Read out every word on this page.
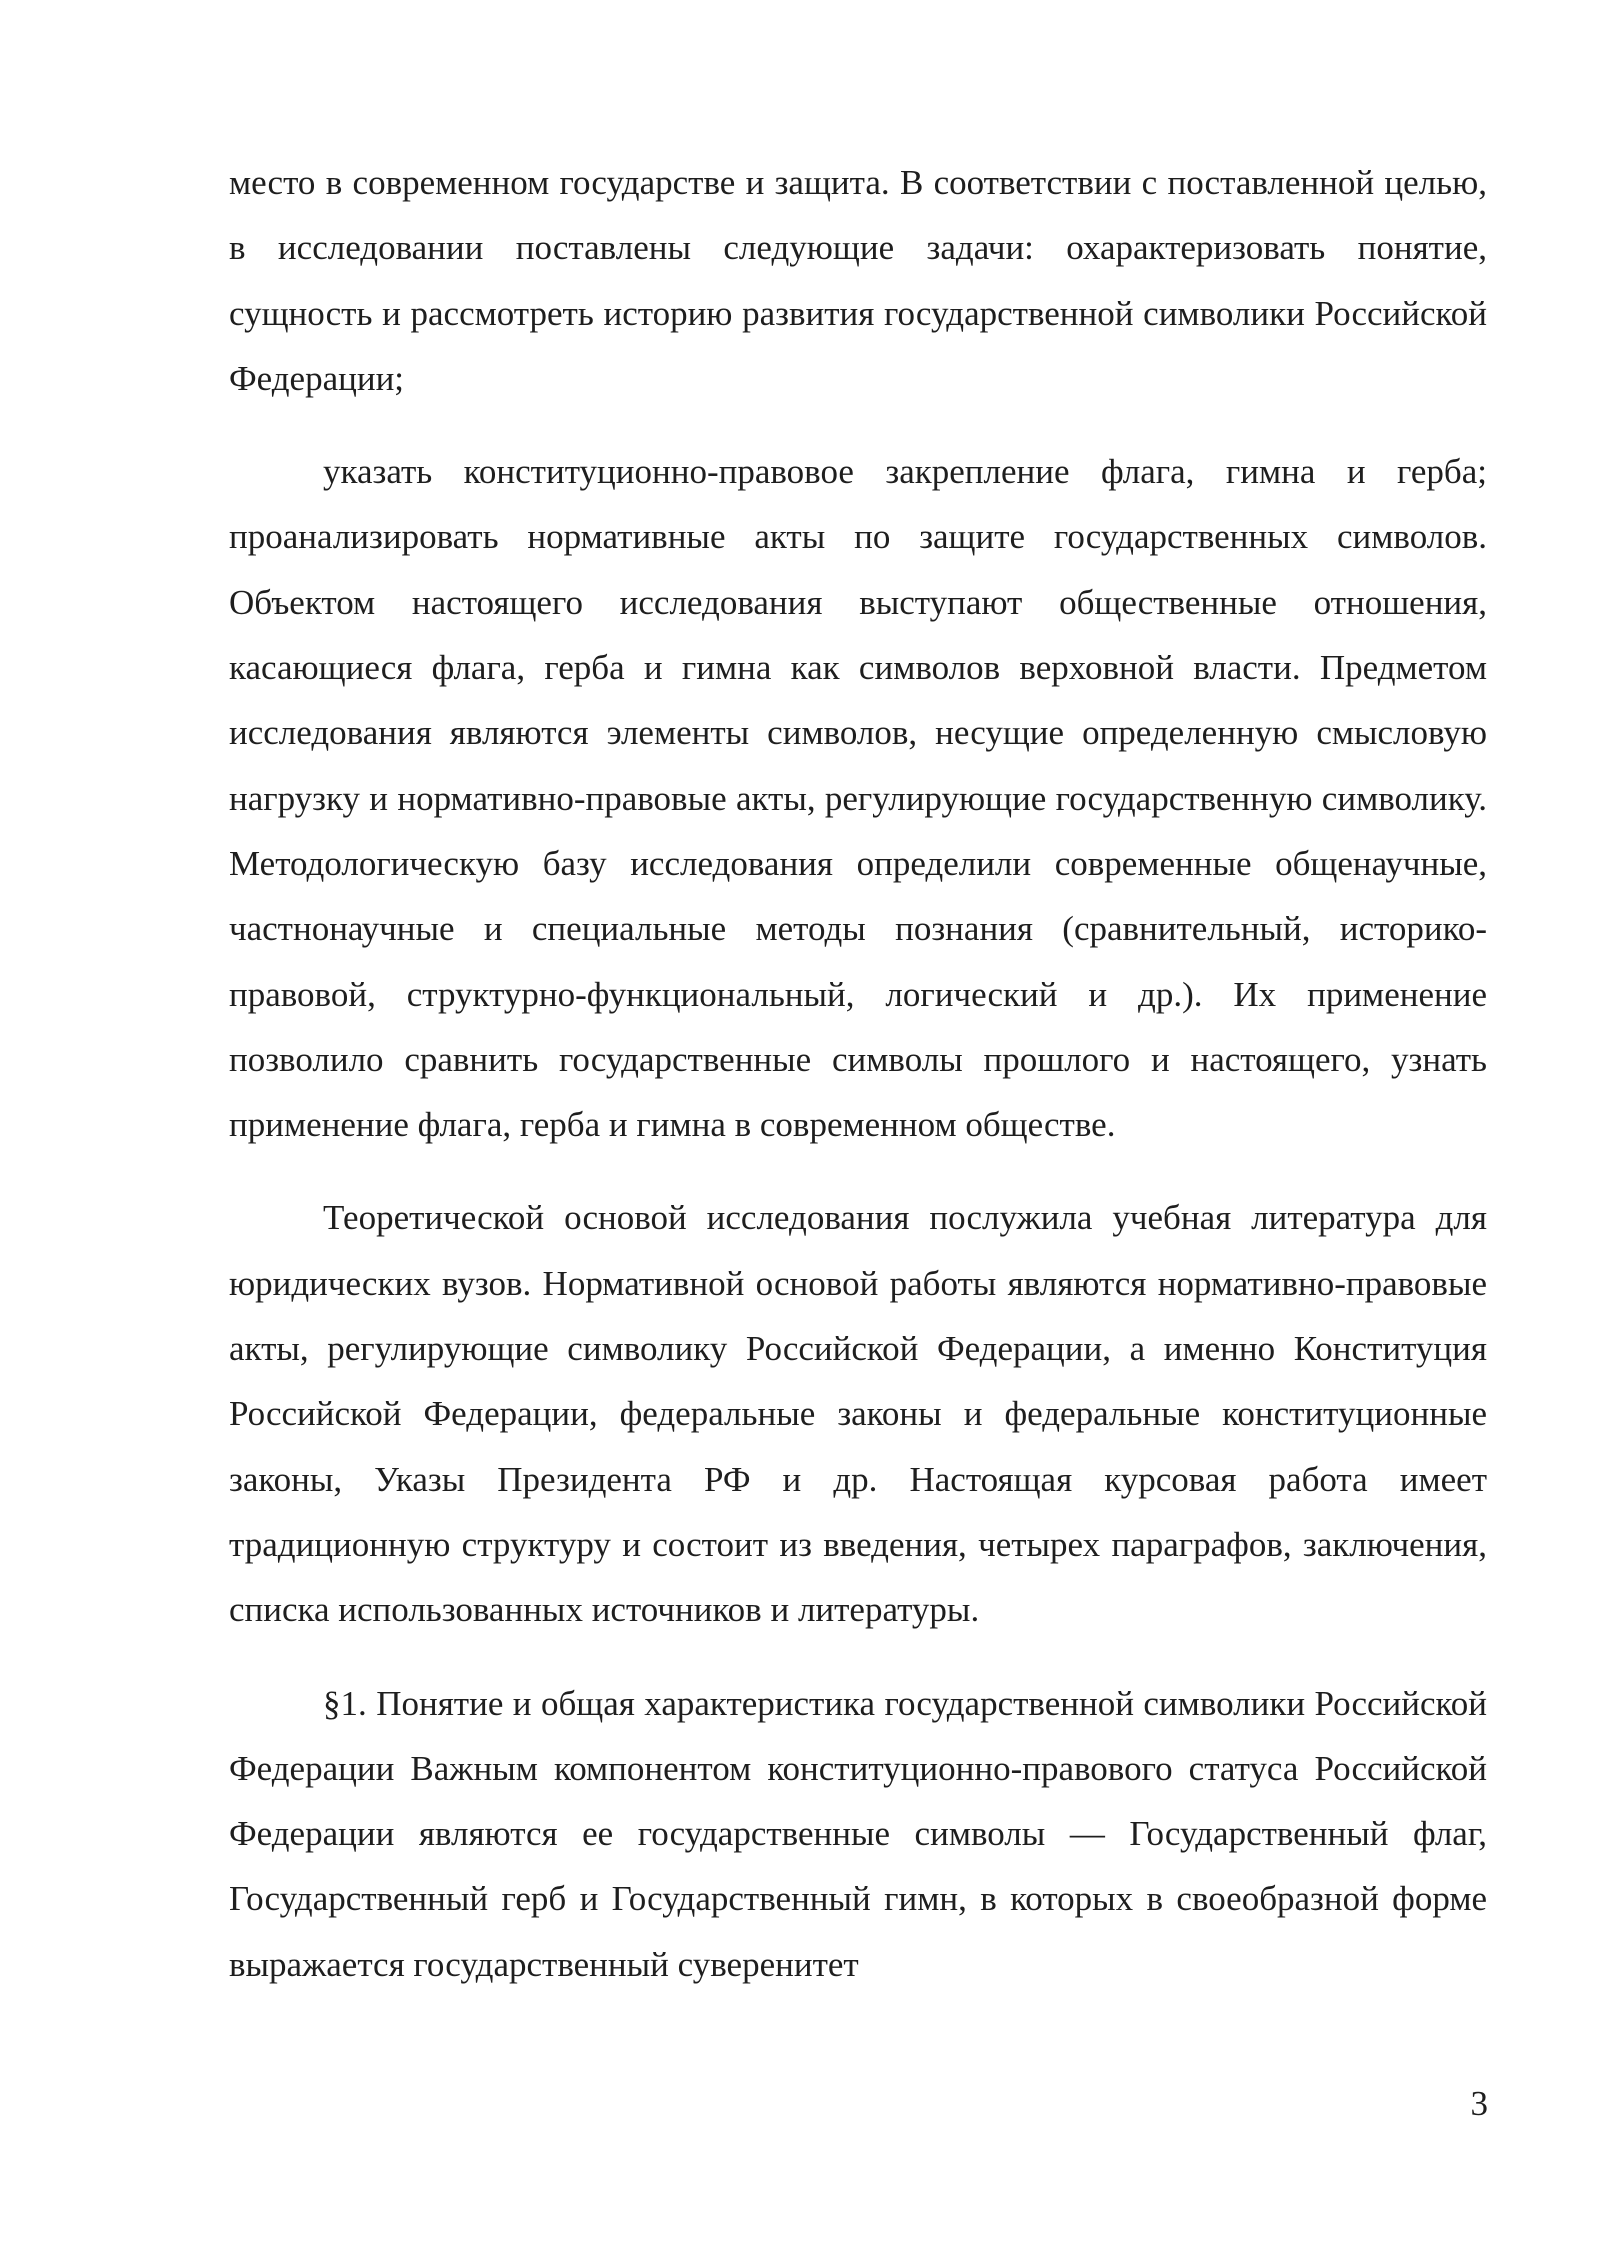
место в современном государстве и защита. В соответствии с поставленной целью, в исследовании поставлены следующие задачи: охарактеризовать понятие, сущность и рассмотреть историю развития государственной символики Российской Федерации;

указать конституционно-правовое закрепление флага, гимна и герба; проанализировать нормативные акты по защите государственных символов. Объектом настоящего исследования выступают общественные отношения, касающиеся флага, герба и гимна как символов верховной власти. Предметом исследования являются элементы символов, несущие определенную смысловую нагрузку и нормативно-правовые акты, регулирующие государственную символику. Методологическую базу исследования определили современные общенаучные, частнонаучные и специальные методы познания (сравнительный, историко-правовой, структурно-функциональный, логический и др.). Их применение позволило сравнить государственные символы прошлого и настоящего, узнать применение флага, герба и гимна в современном обществе.

Теоретической основой исследования послужила учебная литература для юридических вузов. Нормативной основой работы являются нормативно-правовые акты, регулирующие символику Российской Федерации, а именно Конституция Российской Федерации, федеральные законы и федеральные конституционные законы, Указы Президента РФ и др. Настоящая курсовая работа имеет традиционную структуру и состоит из введения, четырех параграфов, заключения, списка использованных источников и литературы.

§1. Понятие и общая характеристика государственной символики Российской Федерации Важным компонентом конституционно-правового статуса Российской Федерации являются ее государственные символы — Государственный флаг, Государственный герб и Государственный гимн, в которых в своеобразной форме выражается государственный суверенитет

3
